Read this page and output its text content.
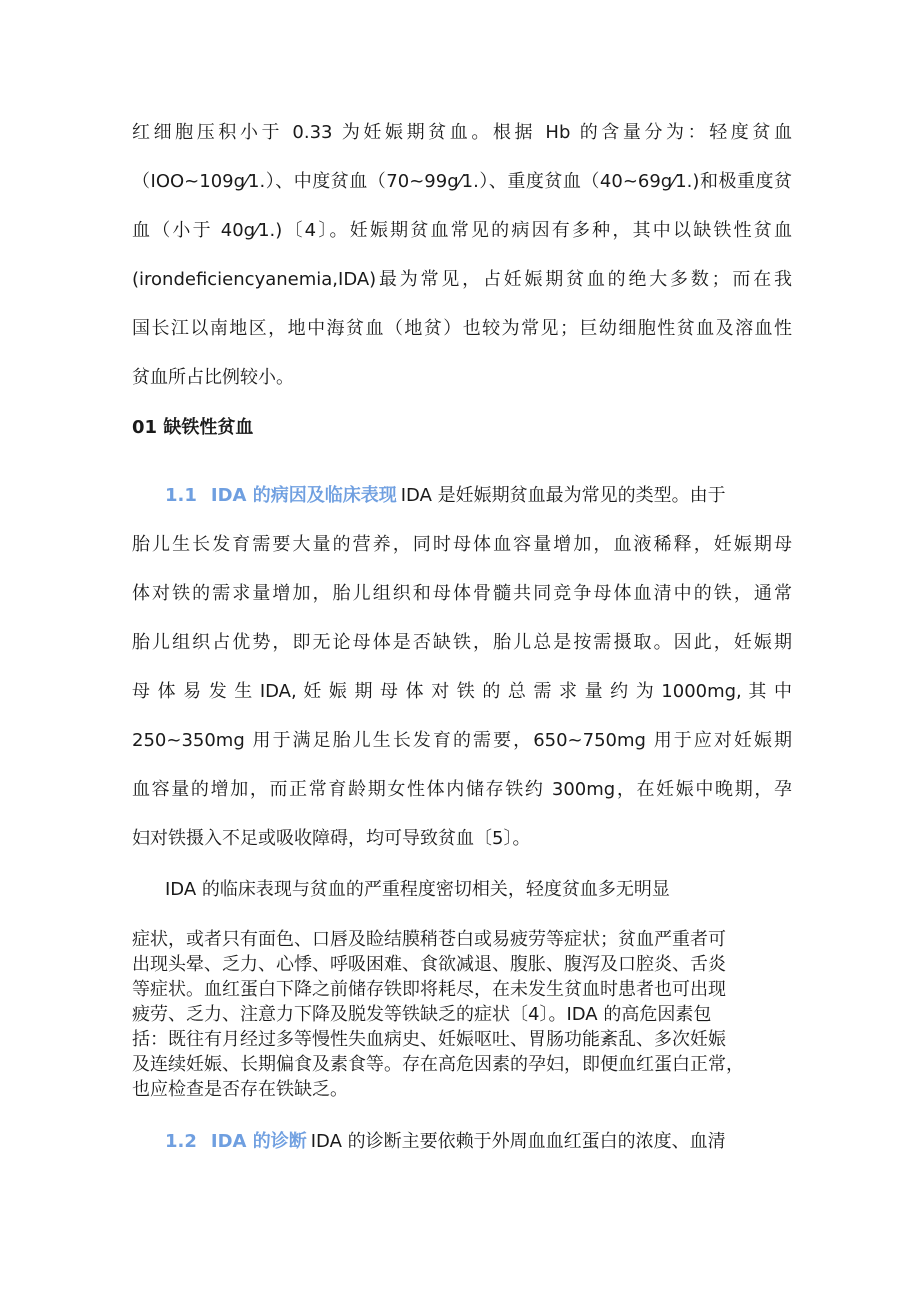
红细胞压积小于 0.33 为妊娠期贫血。根据 Hb 的含量分为：轻度贫血
（IOO~109g⁄1.）、中度贫血（70~99g⁄1.）、重度贫血（40~69g⁄1.)和极重度贫
血（小于 40g⁄1.)〔4〕。妊娠期贫血常见的病因有多种，其中以缺铁性贫血
(irondeficiencyanemia,IDA)最为常见，占妊娠期贫血的绝大多数；而在我
国长江以南地区，地中海贫血（地贫）也较为常见；巨幼细胞性贫血及溶血性
贫血所占比例较小。
01 缺铁性贫血
1.1 IDA 的病因及临床表现 IDA 是妊娠期贫血最为常见的类型。由于
胎儿生长发育需要大量的营养，同时母体血容量增加，血液稀释，妊娠期母
体对铁的需求量增加，胎儿组织和母体骨髓共同竞争母体血清中的铁，通常
胎儿组织占优势，即无论母体是否缺铁，胎儿总是按需摄取。因此，妊娠期
母 体 易 发 生 IDA, 妊 娠 期 母 体 对 铁 的 总 需 求 量 约 为 1000mg, 其 中
250~350mg 用于满足胎儿生长发育的需要，650~750mg 用于应对妊娠期
血容量的增加，而正常育龄期女性体内储存铁约 300mg，在妊娠中晚期，孕
妇对铁摄入不足或吸收障碍，均可导致贫血〔5〕。
IDA 的临床表现与贫血的严重程度密切相关，轻度贫血多无明显
症状，或者只有面色、口唇及睑结膜稍苍白或易疲劳等症状；贫血严重者可
出现头晕、乏力、心悸、呼吸困难、食欲减退、腹胀、腹泻及口腔炎、舌炎
等症状。血红蛋白下降之前储存铁即将耗尽，在未发生贫血时患者也可出现
疲劳、乏力、注意力下降及脱发等铁缺乏的症状〔4〕。IDA 的高危因素包
括：既往有月经过多等慢性失血病史、妊娠呕吐、胃肠功能紊乱、多次妊娠
及连续妊娠、长期偏食及素食等。存在高危因素的孕妇，即便血红蛋白正常，
也应检查是否存在铁缺乏。
1.2 IDA 的诊断 IDA 的诊断主要依赖于外周血血红蛋白的浓度、血清
